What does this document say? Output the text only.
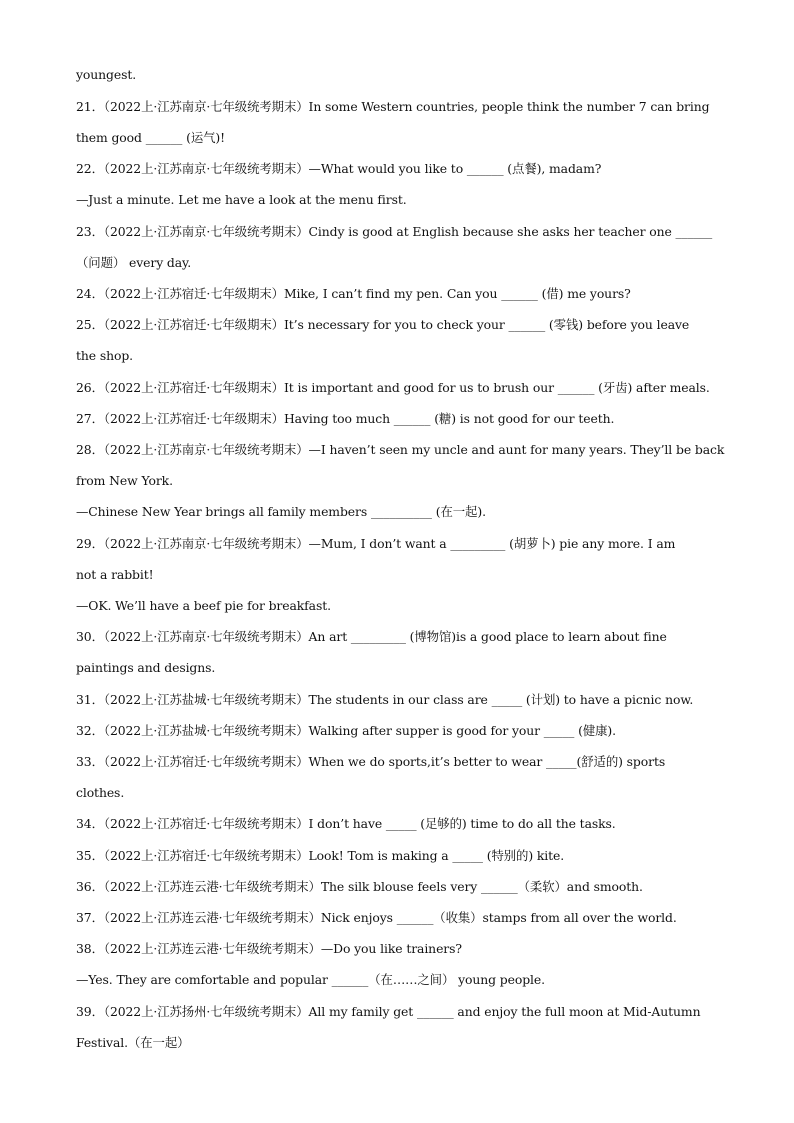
youngest.
21．（2022上·江苏南京·七年级统考期末）In some Western countries, people think the number 7 can bring
them good ______ (运气)!
22．（2022上·江苏南京·七年级统考期末）—What would you like to ______ (点餐), madam?
—Just a minute. Let me have a look at the menu first.
23．（2022上·江苏南京·七年级统考期末）Cindy is good at English because she asks her teacher one ______
（问题） every day.
24．（2022上·江苏宿迁·七年级期末）Mike, I can’t find my pen. Can you ______ (借) me yours?
25．（2022上·江苏宿迁·七年级期末）It’s necessary for you to check your ______ (零钱) before you leave
the shop.
26．（2022上·江苏宿迁·七年级期末）It is important and good for us to brush our ______ (牙齿) after meals.
27．（2022上·江苏宿迁·七年级期末）Having too much ______ (糖) is not good for our teeth.
28．（2022上·江苏南京·七年级统考期末）—I haven’t seen my uncle and aunt for many years. They’ll be back
from New York.
—Chinese New Year brings all family members __________ (在一起).
29．（2022上·江苏南京·七年级统考期末）—Mum, I don’t want a _________ (胡萝卜) pie any more. I am
not a rabbit!
—OK. We’ll have a beef pie for breakfast.
30．（2022上·江苏南京·七年级统考期末）An art _________ (博物馆)is a good place to learn about fine
paintings and designs.
31．（2022上·江苏盐城·七年级统考期末）The students in our class are _____ (计划) to have a picnic now.
32．（2022上·江苏盐城·七年级统考期末）Walking after supper is good for your _____ (健康).
33．（2022上·江苏宿迁·七年级统考期末）When we do sports,it’s better to wear _____(舒适的) sports
clothes.
34．（2022上·江苏宿迁·七年级统考期末）I don’t have _____ (足够的) time to do all the tasks.
35．（2022上·江苏宿迁·七年级统考期末）Look! Tom is making a _____ (特别的) kite.
36．（2022上·江苏连云港·七年级统考期末）The silk blouse feels very ______（柔软）and smooth.
37．（2022上·江苏连云港·七年级统考期末）Nick enjoys ______（收集）stamps from all over the world.
38．（2022上·江苏连云港·七年级统考期末）—Do you like trainers?
—Yes. They are comfortable and popular ______（在……之间） young people.
39．（2022上·江苏扬州·七年级统考期末）All my family get ______ and enjoy the full moon at Mid-Autumn
Festival.（在一起）
